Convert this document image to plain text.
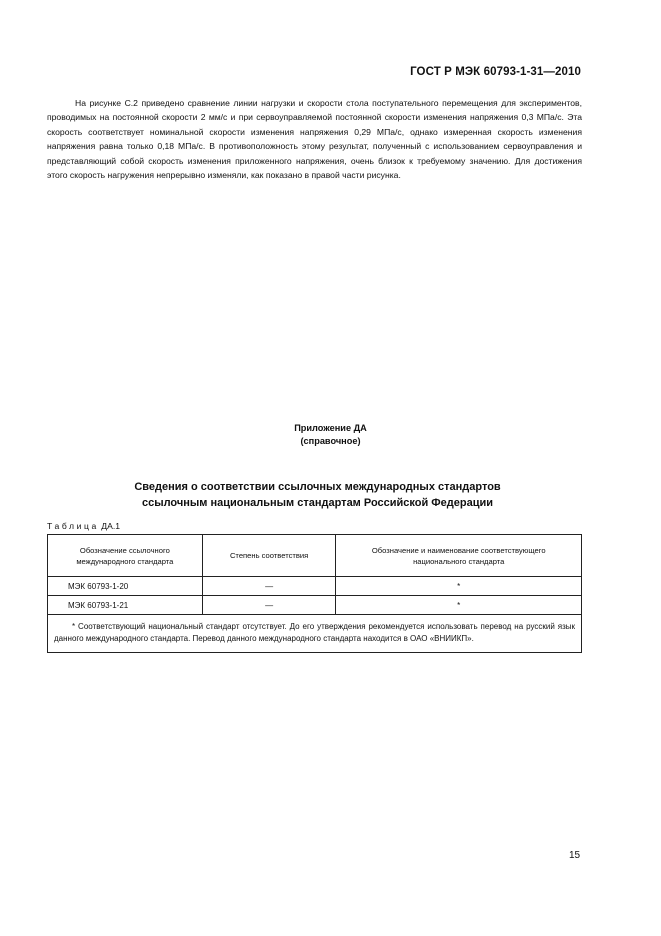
ГОСТ Р МЭК 60793-1-31—2010

На рисунке С.2 приведено сравнение линии нагрузки и скорости стола поступательного перемещения для экспериментов, проводимых на постоянной скорости 2 мм/с и при сервоуправляемой постоянной скорости изменения напряжения 0,3 МПа/с. Эта скорость соответствует номинальной скорости изменения напряжения 0,29 МПа/с, однако измеренная скорость изменения напряжения равна только 0,18 МПа/с. В противоположность этому результат, полученный с использованием сервоуправления и представляющий собой скорость изменения приложенного напряжения, очень близок к требуемому значению. Для достижения этого скорость нагружения непрерывно изменяли, как показано в правой части рисунка.

Приложение ДА
(справочное)
Сведения о соответствии ссылочных международных стандартов
ссылочным национальным стандартам Российской Федерации
Таблица ДА.1
Обозначение ссылочного международного стандарта	Степень соответствия	Обозначение и наименование соответствующего национального стандарта

МЭК 60793-1-20	—	*
МЭК 60793-1-21	—	*

* Соответствующий национальный стандарт отсутствует. До его утверждения рекомендуется использовать перевод на русский язык данного международного стандарта. Перевод данного международного стандарта находится в ОАО «ВНИИКП».		
15
